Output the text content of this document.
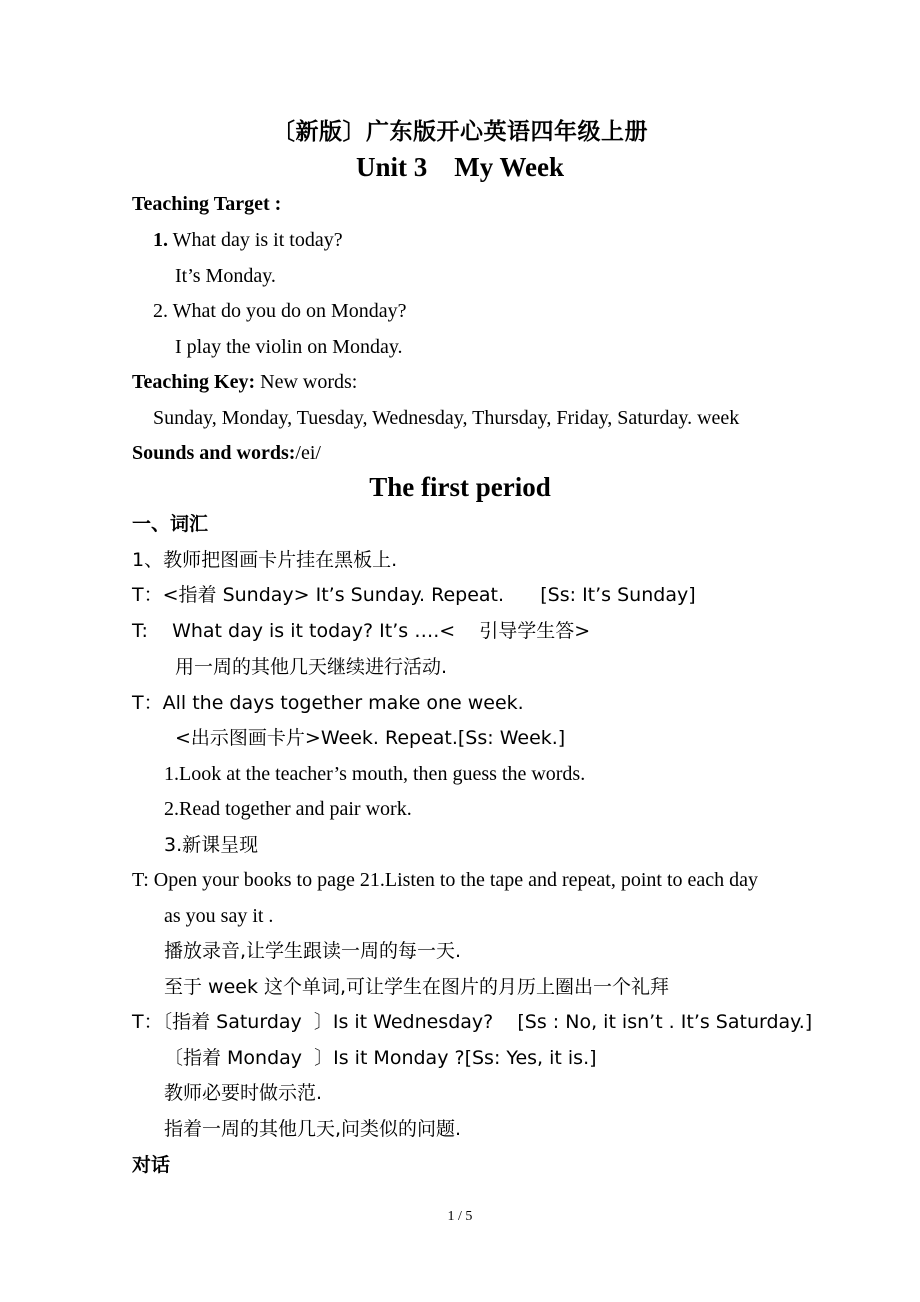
〔新版〕广东版开心英语四年级上册
Unit 3    My Week
Teaching Target :
1. What day is it today?
It’s Monday.
2. What do you do on Monday?
I play the violin on Monday.
Teaching Key: New words:
Sunday, Monday, Tuesday, Wednesday, Thursday, Friday, Saturday. week
Sounds and words:/ei/
The first period
一、词汇
1、教师把图画卡片挂在黑板上.
T：<指着 Sunday> It’s Sunday. Repeat.      [Ss: It’s Sunday]
T:    What day is it today? It’s ….<    引导学生答>
用一周的其他几天继续进行活动.
T：All the days together make one week.
<出示图画卡片>Week. Repeat.[Ss: Week.]
1.Look at the teacher’s mouth, then guess the words.
2.Read together and pair work.
3.新课呈现
T: Open your books to page 21.Listen to the tape and repeat, point to each day
as you say it .
播放录音,让学生跟读一周的每一天.
至于 week 这个单词,可让学生在图片的月历上圈出一个礼拜
T：〔指着 Saturday  〕Is it Wednesday?    [Ss : No, it isn’t . It’s Saturday.]
〔指着 Monday  〕Is it Monday ?[Ss: Yes, it is.]
教师必要时做示范.
指着一周的其他几天,问类似的问题.
对话
1 / 5
